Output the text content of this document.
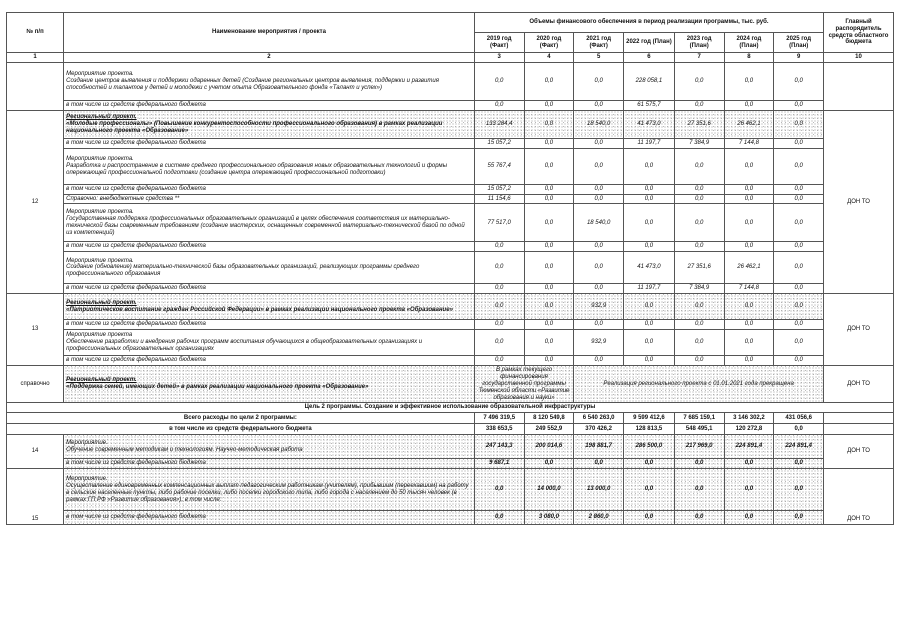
№ п/п	Наименование мероприятия / проекта	Объемы финансового обеспечения в период реализации программы, тыс. руб.							Главный распорядитель средств областного бюджета
		2019 год (Факт)	2020 год (Факт)	2021 год (Факт)	2022 год (План)	2023 год (План)	2024 год (План)	2025 год (План)	
1	2	3	4	5	6	7	8	9	10
	Мероприятие проекта.
Создание центров выявления и поддержки одаренных детей (Создание региональных центров выявления, поддержки и развития способностей и талантов у детей и молодежи с учетом опыта Образовательного фонда «Талант и успех»)	0,0	0,0	0,0	228 058,1	0,0	0,0	0,0	
	в том числе из средств федерального бюджета	0,0	0,0	0,0	61 575,7	0,0	0,0	0,0	
12	Региональный проект.
«Молодые профессионалы» (Повышение конкурентоспособности профессионального образования) в рамках реализации национального проекта «Образование»	133 284,4	0,0	18 540,0	41 473,0	27 351,6	26 462,1	0,0	ДОН ТО
	в том числе из средств федерального бюджета	15 057,2	0,0	0,0	11 197,7	7 384,9	7 144,8	0,0	
	Мероприятие проекта.
Разработка и распространение в системе среднего профессионального образования новых образовательных технологий и формы опережающей профессиональной подготовки (создание центра опережающей профессиональной подготовки)	55 767,4	0,0	0,0	0,0	0,0	0,0	0,0	
	в том числе из средств федерального бюджета	15 057,2	0,0	0,0	0,0	0,0	0,0	0,0	
	Справочно: внебюджетные средства **	11 154,6	0,0	0,0	0,0	0,0	0,0	0,0	
	Мероприятие проекта.
Государственная поддержка профессиональных образовательных организаций в целях обеспечения соответствия их материально-технической базы современным требованиям (создание мастерских, оснащенных современной материально-технической базой по одной из компетенций)	77 517,0	0,0	18 540,0	0,0	0,0	0,0	0,0	
	в том числе из средств федерального бюджета	0,0	0,0	0,0	0,0	0,0	0,0	0,0	
	Мероприятие проекта.
Создание (обновление) материально-технической базы образовательных организаций, реализующих программы среднего профессионального образования	0,0	0,0	0,0	41 473,0	27 351,6	26 462,1	0,0	
	в том числе из средств федерального бюджета	0,0	0,0	0,0	11 197,7	7 384,9	7 144,8	0,0	
13	Региональный проект.
«Патриотическое воспитание граждан Российской Федерации» в рамках реализации национального проекта «Образование»	0,0	0,0	932,9	0,0	0,0	0,0	0,0	ДОН ТО
	в том числе из средств федерального бюджета	0,0	0,0	0,0	0,0	0,0	0,0	0,0	
	Мероприятие проекта
Обеспечение разработки и внедрения рабочих программ воспитания обучающихся в общеобразовательных организациях и профессиональных образовательных организациях	0,0	0,0	932,9	0,0	0,0	0,0	0,0	
	в том числе из средств федерального бюджета	0,0	0,0	0,0	0,0	0,0	0,0	0,0	
справочно	Региональный проект.
«Поддержка семей, имеющих детей» в рамках реализации национального проекта «Образование»	В рамках текущего финансирования государственной программы Тюменской области «Развитие образования и науки»		Реализация регионального проекта с 01.01.2021 года прекращена					ДОН ТО
Цель 2 программы. Создание и эффективное использование образовательной инфраструктуры									
Всего расходы по цели 2 программы:		7 496 319,5	8 120 549,8	6 540 263,0	9 599 412,6	7 685 159,1	3 146 302,2	431 056,6	
в том числе из средств федерального бюджета		338 653,5	249 552,9	370 426,2	128 813,5	548 495,1	120 272,8	0,0	
14	Мероприятие.
Обучение современным методикам и технологиям. Научно-методическая работа	247 143,3	200 014,6	198 881,7	286 500,0	217 969,0	224 891,4	224 891,4	ДОН ТО
	в том числе из средств федерального бюджета	9 687,1	0,0	0,0	0,0	0,0	0,0	0,0	
15	Мероприятие.
Осуществление единовременных компенсационных выплат педагогическим работникам (учителям), прибывшим (переехавшим) на работу в сельские населенные пункты, либо рабочие поселки, либо поселки городского типа, либо города с населением до 50 тысяч человек (в рамках ГП РФ «Развитие образования»), в том числе:	0,0	14 000,0	13 000,0	0,0	0,0	0,0	0,0	ДОН ТО
	в том числе из средств федерального бюджета	0,0	3 080,0	2 860,0	0,0	0,0	0,0	0,0	
